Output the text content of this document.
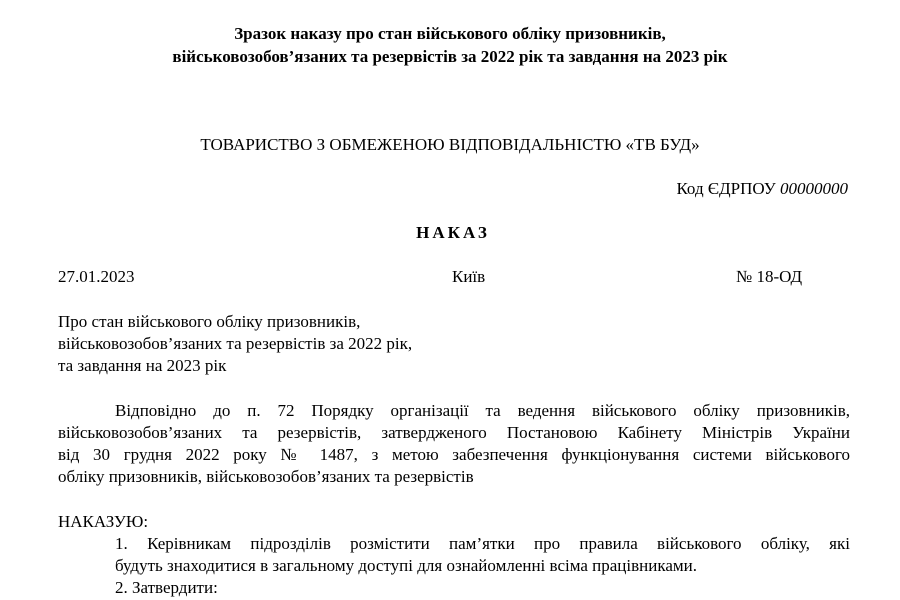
Зразок наказу про стан військового обліку призовників,
військовозобов’язаних та резервістів за 2022 рік та завдання на 2023 рік
ТОВАРИСТВО З ОБМЕЖЕНОЮ ВІДПОВІДАЛЬНІСТЮ «ТВ БУД»
Код ЄДРПОУ 00000000
НАКАЗ
27.01.2023	Київ	№ 18-ОД
Про стан військового обліку призовників,
військовозобов’язаних та резервістів за 2022 рік,
та завдання на 2023 рік
Відповідно до п. 72 Порядку організації та ведення військового обліку призовників,
військовозобов’язаних та резервістів, затвердженого Постановою Кабінету Міністрів України
від 30 грудня 2022 року № 1487, з метою забезпечення функціонування системи військового
обліку призовників, військовозобов’язаних та резервістів
НАКАЗУЮ:
1. Керівникам підрозділів розмістити пам’ятки про правила військового обліку, які
будуть знаходитися в загальному доступі для ознайомленні всіма працівниками.
2. Затвердити:
